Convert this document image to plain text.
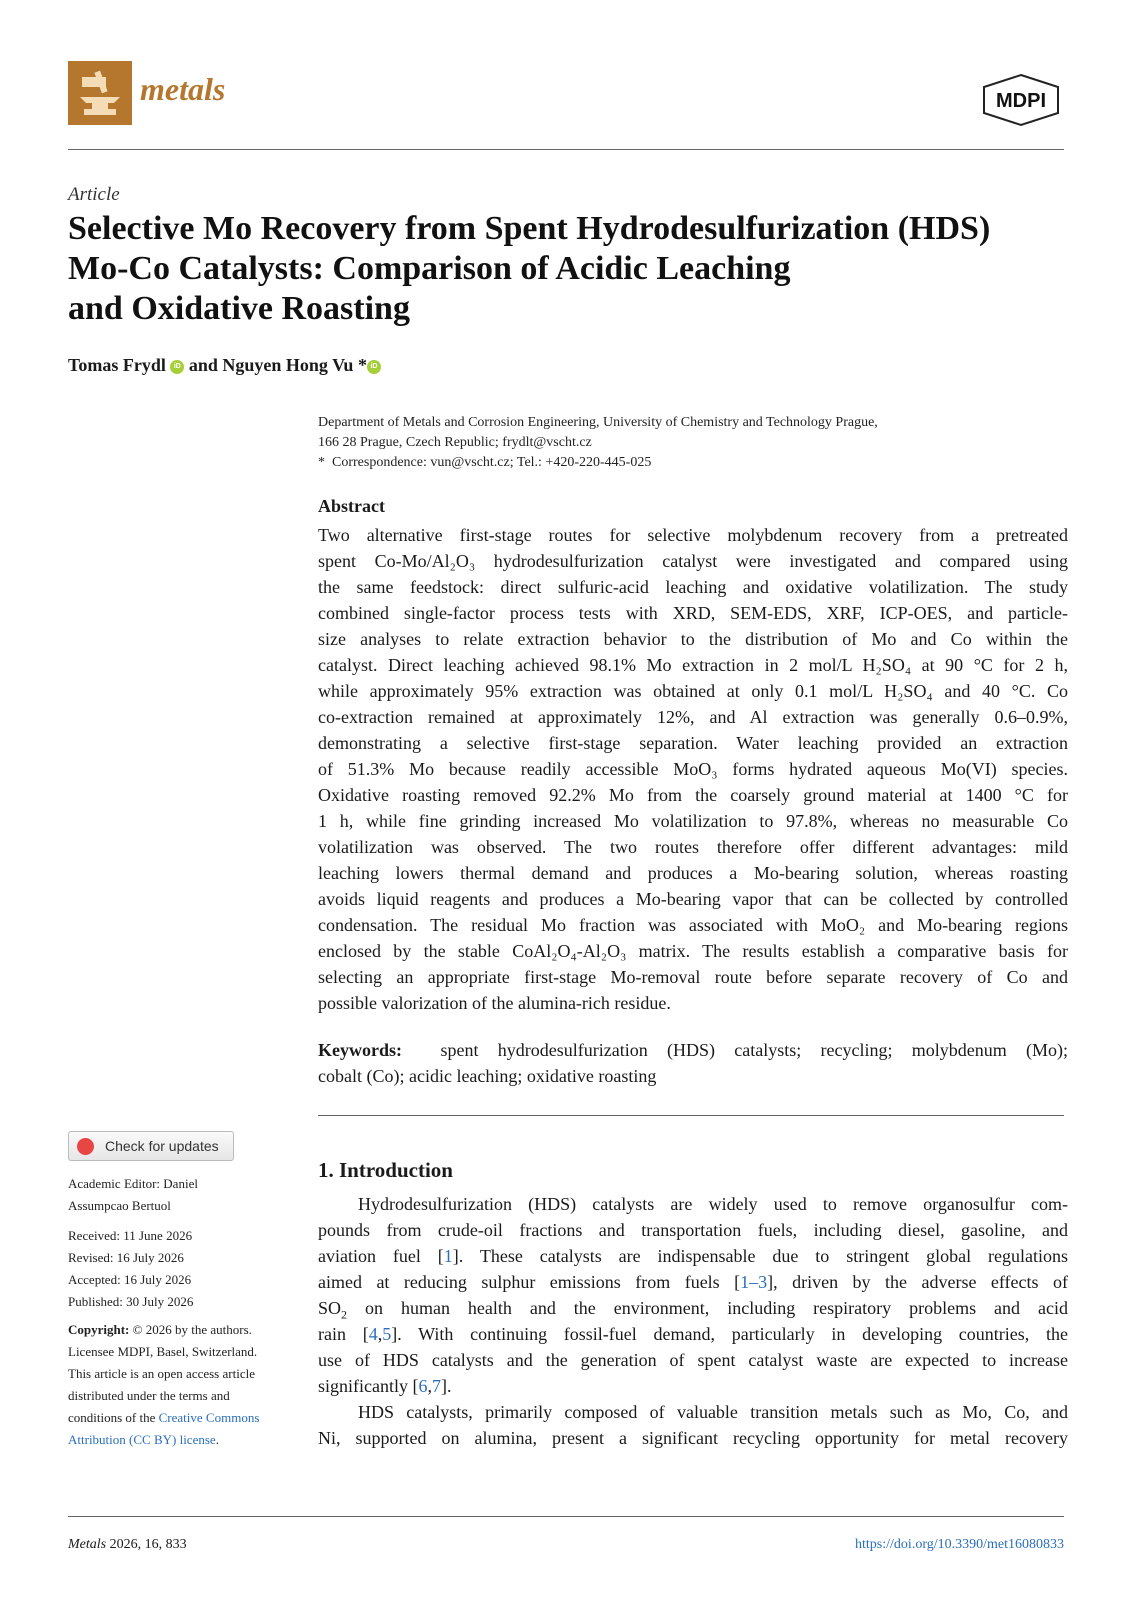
metals	MDPI
Article
Selective Mo Recovery from Spent Hydrodesulfurization (HDS)
Mo-Co Catalysts: Comparison of Acidic Leaching
and Oxidative Roasting
Tomas Frydl iD and Nguyen Hong Vu * iD
Department of Metals and Corrosion Engineering, University of Chemistry and Technology Prague,
166 28 Prague, Czech Republic; frydlt@vscht.cz
* Correspondence: vun@vscht.cz; Tel.: +420-220-445-025
Abstract
Two alternative first-stage routes for selective molybdenum recovery from a pretreated
spent Co-Mo/Al₂O₃ hydrodesulfurization catalyst were investigated and compared using
the same feedstock: direct sulfuric-acid leaching and oxidative volatilization. The study
combined single-factor process tests with XRD, SEM-EDS, XRF, ICP-OES, and particle-
size analyses to relate extraction behavior to the distribution of Mo and Co within the
catalyst. Direct leaching achieved 98.1% Mo extraction in 2 mol/L H₂SO₄ at 90 °C for 2 h,
while approximately 95% extraction was obtained at only 0.1 mol/L H₂SO₄ and 40 °C. Co
co-extraction remained at approximately 12%, and Al extraction was generally 0.6–0.9%,
demonstrating a selective first-stage separation. Water leaching provided an extraction
of 51.3% Mo because readily accessible MoO₃ forms hydrated aqueous Mo(VI) species.
Oxidative roasting removed 92.2% Mo from the coarsely ground material at 1400 °C for
1 h, while fine grinding increased Mo volatilization to 97.8%, whereas no measurable Co
volatilization was observed. The two routes therefore offer different advantages: mild
leaching lowers thermal demand and produces a Mo-bearing solution, whereas roasting
avoids liquid reagents and produces a Mo-bearing vapor that can be collected by controlled
condensation. The residual Mo fraction was associated with MoO₂ and Mo-bearing regions
enclosed by the stable CoAl₂O₄-Al₂O₃ matrix. The results establish a comparative basis for
selecting an appropriate first-stage Mo-removal route before separate recovery of Co and
possible valorization of the alumina-rich residue.
Keywords: spent hydrodesulfurization (HDS) catalysts; recycling; molybdenum (Mo);
cobalt (Co); acidic leaching; oxidative roasting
Check for updates
Academic Editor: Daniel
Assumpcao Bertuol
Received: 11 June 2026
Revised: 16 July 2026
Accepted: 16 July 2026
Published: 30 July 2026
Copyright: © 2026 by the authors.
Licensee MDPI, Basel, Switzerland.
This article is an open access article
distributed under the terms and
conditions of the Creative Commons
Attribution (CC BY) license.
1. Introduction
Hydrodesulfurization (HDS) catalysts are widely used to remove organosulfur com-
pounds from crude-oil fractions and transportation fuels, including diesel, gasoline, and
aviation fuel [1]. These catalysts are indispensable due to stringent global regulations
aimed at reducing sulphur emissions from fuels [1–3], driven by the adverse effects of
$SO_2$ on human health and the environment, including respiratory problems and acid
rain [4,5]. With continuing fossil-fuel demand, particularly in developing countries, the
use of HDS catalysts and the generation of spent catalyst waste are expected to increase
significantly [6,7].
HDS catalysts, primarily composed of valuable transition metals such as Mo, Co, and
Ni, supported on alumina, present a significant recycling opportunity for metal recovery
Metals 2026, 16, 833	https://doi.org/10.3390/met16080833
